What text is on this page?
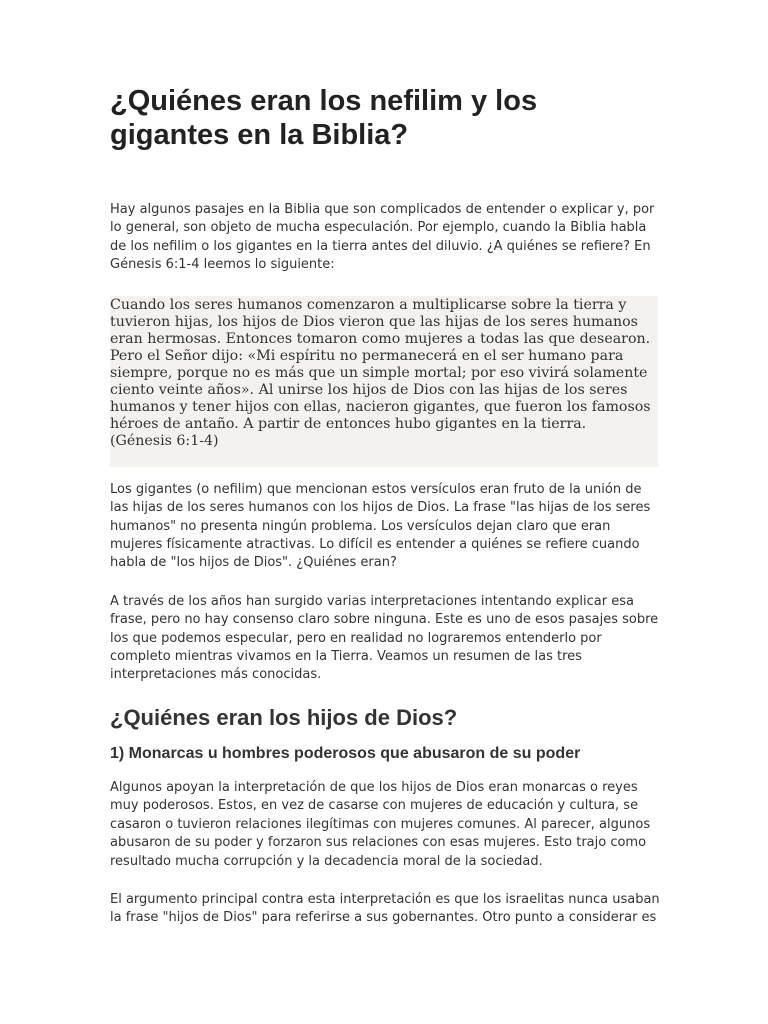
¿Quiénes eran los nefilim y los gigantes en la Biblia?

Hay algunos pasajes en la Biblia que son complicados de entender o explicar y, por lo general, son objeto de mucha especulación. Por ejemplo, cuando la Biblia habla de los nefilim o los gigantes en la tierra antes del diluvio. ¿A quiénes se refiere? En Génesis 6:1-4 leemos lo siguiente:

Cuando los seres humanos comenzaron a multiplicarse sobre la tierra y tuvieron hijas, los hijos de Dios vieron que las hijas de los seres humanos eran hermosas. Entonces tomaron como mujeres a todas las que desearon. Pero el Señor dijo: «Mi espíritu no permanecerá en el ser humano para siempre, porque no es más que un simple mortal; por eso vivirá solamente ciento veinte años». Al unirse los hijos de Dios con las hijas de los seres humanos y tener hijos con ellas, nacieron gigantes, que fueron los famosos héroes de antaño. A partir de entonces hubo gigantes en la tierra.
(Génesis 6:1-4)

Los gigantes (o nefilim) que mencionan estos versículos eran fruto de la unión de las hijas de los seres humanos con los hijos de Dios. La frase "las hijas de los seres humanos" no presenta ningún problema. Los versículos dejan claro que eran mujeres físicamente atractivas. Lo difícil es entender a quiénes se refiere cuando habla de "los hijos de Dios". ¿Quiénes eran?

A través de los años han surgido varias interpretaciones intentando explicar esa frase, pero no hay consenso claro sobre ninguna. Este es uno de esos pasajes sobre los que podemos especular, pero en realidad no lograremos entenderlo por completo mientras vivamos en la Tierra. Veamos un resumen de las tres interpretaciones más conocidas.

¿Quiénes eran los hijos de Dios?
1) Monarcas u hombres poderosos que abusaron de su poder

Algunos apoyan la interpretación de que los hijos de Dios eran monarcas o reyes muy poderosos. Estos, en vez de casarse con mujeres de educación y cultura, se casaron o tuvieron relaciones ilegítimas con mujeres comunes. Al parecer, algunos abusaron de su poder y forzaron sus relaciones con esas mujeres. Esto trajo como resultado mucha corrupción y la decadencia moral de la sociedad.

El argumento principal contra esta interpretación es que los israelitas nunca usaban la frase "hijos de Dios" para referirse a sus gobernantes. Otro punto a considerar es
